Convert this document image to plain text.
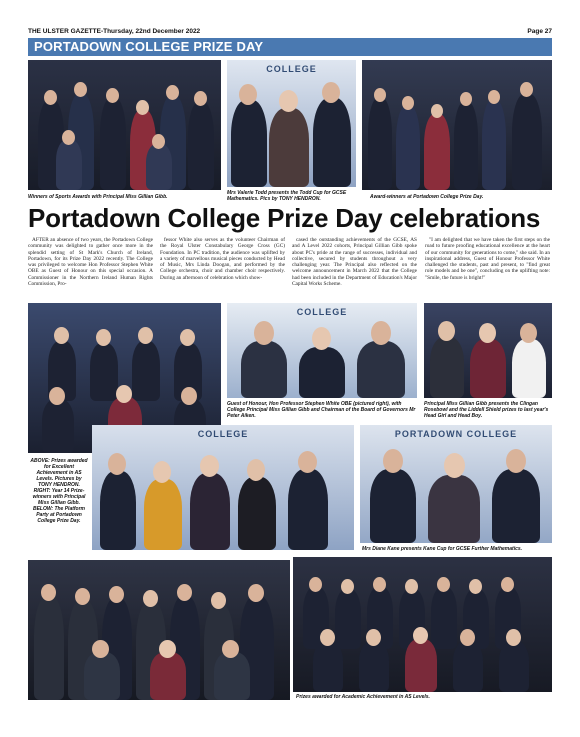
THE ULSTER GAZETTE-Thursday, 22nd December 2022	Page 27
PORTADOWN COLLEGE PRIZE DAY
COLLEGE
Winners of Sports Awards with Principal Miss Gillian Gibb.
Mrs Valerie Todd presents the Todd Cup for GCSE Mathematics. Pics by TONY HENDRON.	Award-winners at Portadown College Prize Day.
Portadown College Prize Day celebrations

AFTER an absence of two years, the Portadown College community was delighted to gather once more in the splendid setting of St Mark's Church of Ireland, Portadown, for its Prize Day 2022 recently. The College was privileged to welcome Hon Professor Stephen White OBE as Guest of Honour on this special occasion. A Commissioner in the Northern Ireland Human Rights Commission, Pro-

fessor White also serves as the volunteer Chairman of the Royal Ulster Constabulary George Cross (GC) Foundation. In PC tradition, the audience was uplifted by a variety of marvellous musical pieces conducted by Head of Music, Mrs Linda Doogan, and performed by the College orchestra, choir and chamber choir respectively. During an afternoon of celebration which show-

cased the outstanding achievements of the GCSE, AS and A Level 2022 cohorts, Principal Gillian Gibb spoke about PC's pride at the range of successes, individual and collective, secured by students throughout a very challenging year. The Principal also reflected on the welcome announcement in March 2022 that the College had been included in the Department of Education's Major Capital Works Scheme.

"I am delighted that we have taken the first steps on the road to future proofing educational excellence at the heart of our community for generations to come," she said. In an inspirational address, Guest of Honour Professor White challenged the students, past and present, to "find great role models and be one", concluding on the uplifting note: "Smile, the future is bright!"

COLLEGE
Guest of Honour, Hon Professor Stephen White OBE (pictured right), with College Principal Miss Gillian Gibb and Chairman of the Board of Governors Mr Peter Aiken.
Principal Miss Gillian Gibb presents the Clingan Rosebowl and the Liddell Shield prizes to last year's Head Girl and Head Boy.
ABOVE: Prizes awarded for Excellent Achievement in AS Levels. Pictures by TONY HENDRON. RIGHT: Year 14 Prize-winners with Principal Miss Gillian Gibb. BELOW: The Platform Party at Portadown College Prize Day.
COLLEGE	PORTADOWN COLLEGE
Mrs Diane Kane presents Kane Cup for GCSE Further Mathematics.
Prizes awarded for Academic Achievement in AS Levels.
